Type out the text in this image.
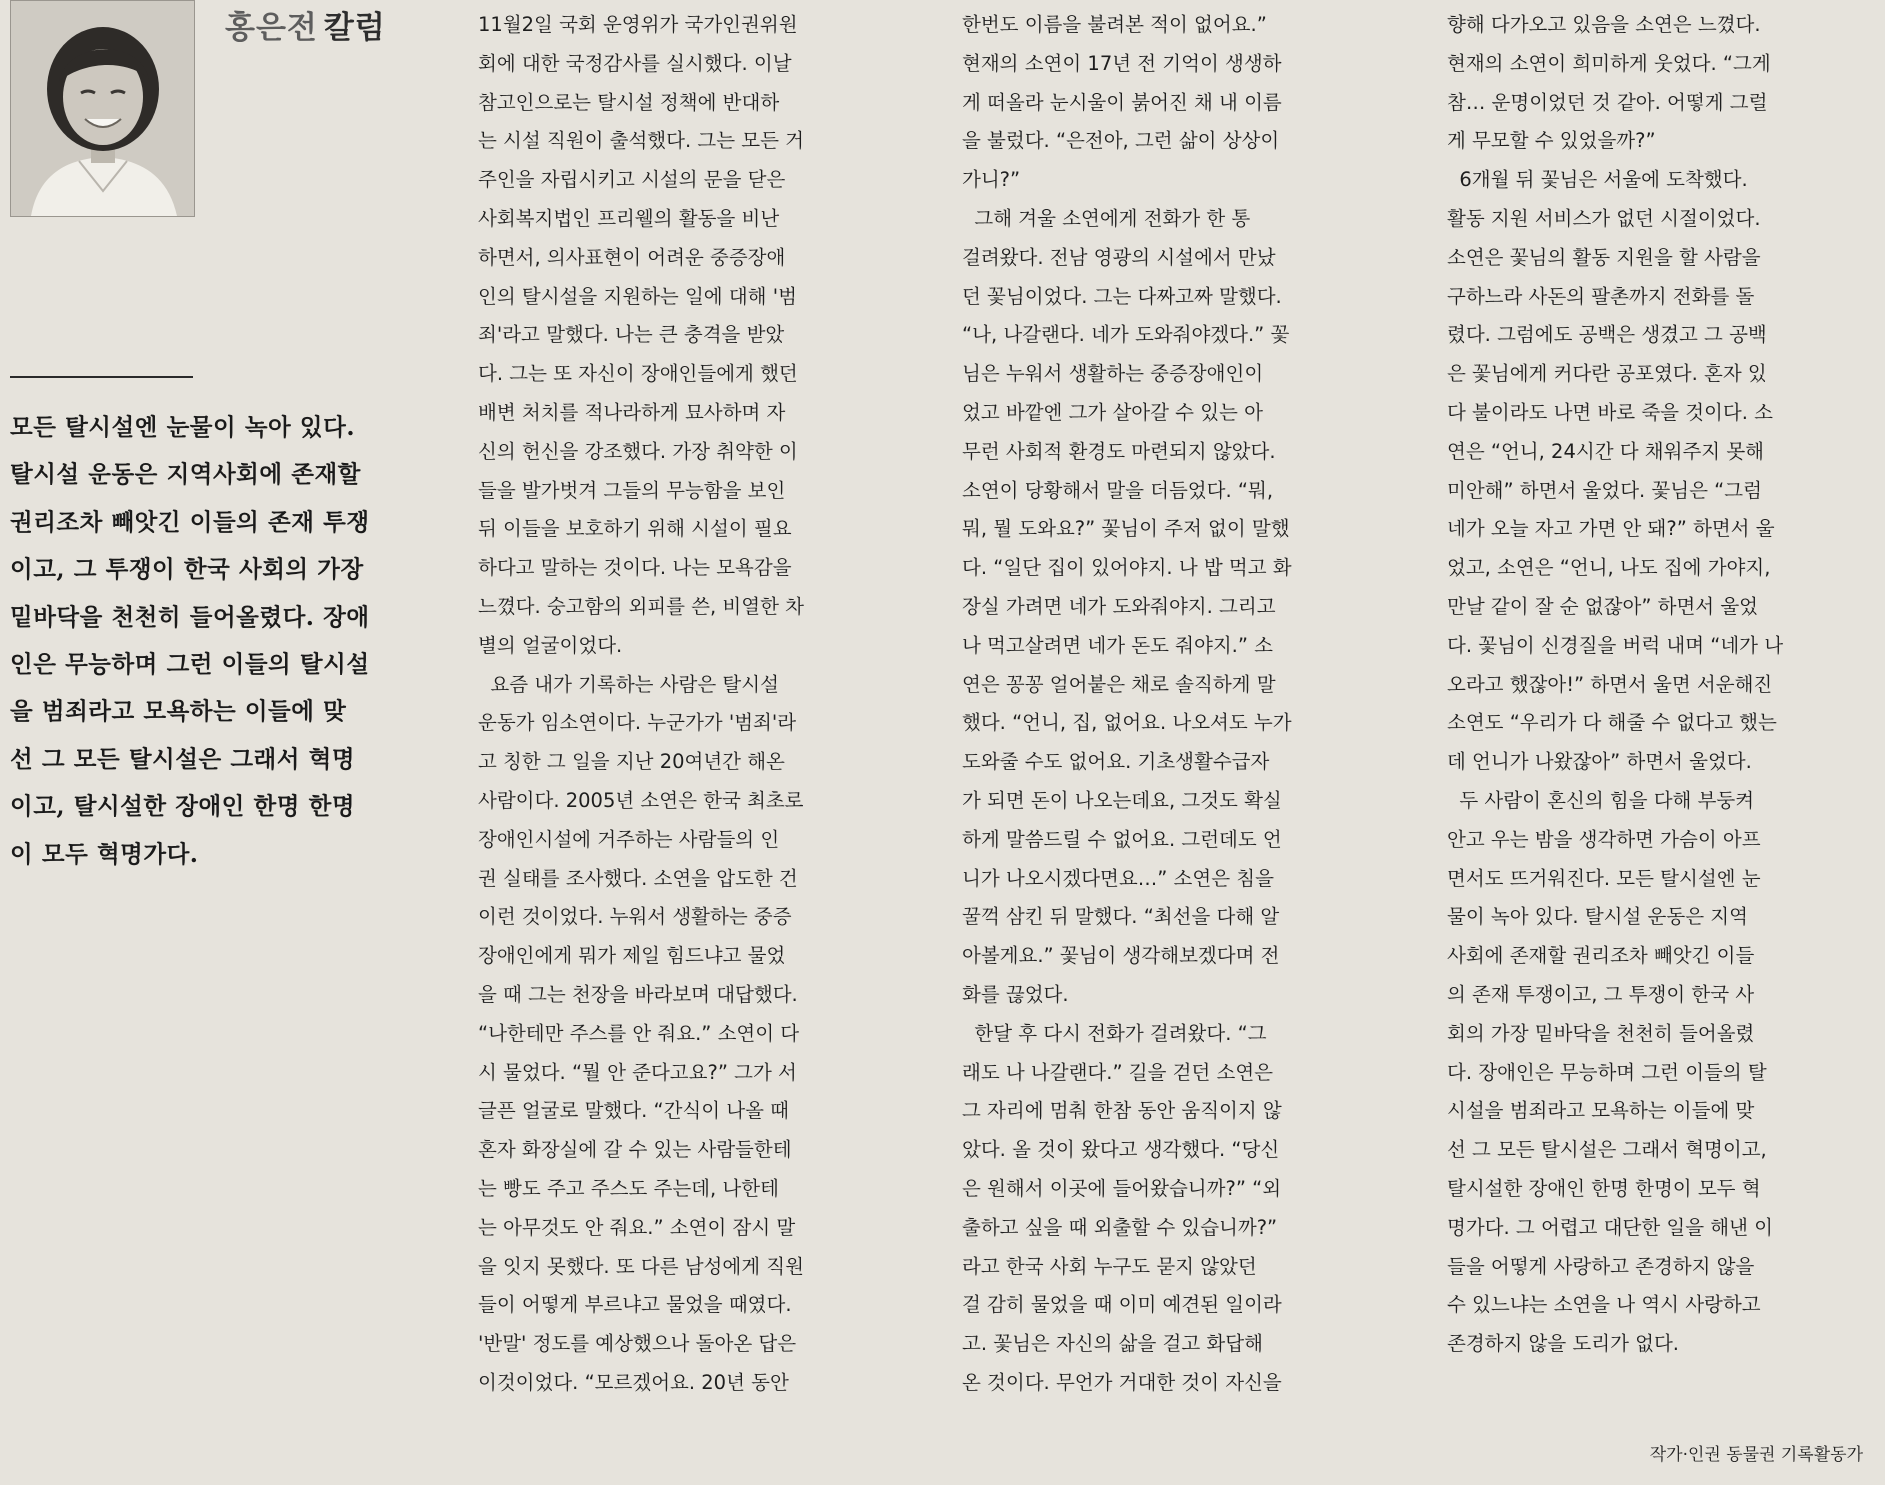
홍은전 칼럼
모든 탈시설엔 눈물이 녹아 있다.
탈시설 운동은 지역사회에 존재할
권리조차 빼앗긴 이들의 존재 투쟁
이고, 그 투쟁이 한국 사회의 가장
밑바닥을 천천히 들어올렸다. 장애
인은 무능하며 그런 이들의 탈시설
을 범죄라고 모욕하는 이들에 맞
선 그 모든 탈시설은 그래서 혁명
이고, 탈시설한 장애인 한명 한명
이 모두 혁명가다.
11월2일 국회 운영위가 국가인권위원
회에 대한 국정감사를 실시했다. 이날
참고인으로는 탈시설 정책에 반대하
는 시설 직원이 출석했다. 그는 모든 거
주인을 자립시키고 시설의 문을 닫은
사회복지법인 프리웰의 활동을 비난
하면서, 의사표현이 어려운 중증장애
인의 탈시설을 지원하는 일에 대해 '범
죄'라고 말했다. 나는 큰 충격을 받았
다. 그는 또 자신이 장애인들에게 했던
배변 처치를 적나라하게 묘사하며 자
신의 헌신을 강조했다. 가장 취약한 이
들을 발가벗겨 그들의 무능함을 보인
뒤 이들을 보호하기 위해 시설이 필요
하다고 말하는 것이다. 나는 모욕감을
느꼈다. 숭고함의 외피를 쓴, 비열한 차
별의 얼굴이었다.
요즘 내가 기록하는 사람은 탈시설
운동가 임소연이다. 누군가가 '범죄'라
고 칭한 그 일을 지난 20여년간 해온
사람이다. 2005년 소연은 한국 최초로
장애인시설에 거주하는 사람들의 인
권 실태를 조사했다. 소연을 압도한 건
이런 것이었다. 누워서 생활하는 중증
장애인에게 뭐가 제일 힘드냐고 물었
을 때 그는 천장을 바라보며 대답했다.
“나한테만 주스를 안 줘요.” 소연이 다
시 물었다. “뭘 안 준다고요?” 그가 서
글픈 얼굴로 말했다. “간식이 나올 때
혼자 화장실에 갈 수 있는 사람들한테
는 빵도 주고 주스도 주는데, 나한테
는 아무것도 안 줘요.” 소연이 잠시 말
을 잇지 못했다. 또 다른 남성에게 직원
들이 어떻게 부르냐고 물었을 때였다.
'반말' 정도를 예상했으나 돌아온 답은
이것이었다. “모르겠어요. 20년 동안
한번도 이름을 불려본 적이 없어요.”
현재의 소연이 17년 전 기억이 생생하
게 떠올라 눈시울이 붉어진 채 내 이름
을 불렀다. “은전아, 그런 삶이 상상이
가니?”
그해 겨울 소연에게 전화가 한 통
걸려왔다. 전남 영광의 시설에서 만났
던 꽃님이었다. 그는 다짜고짜 말했다.
“나, 나갈랜다. 네가 도와줘야겠다.” 꽃
님은 누워서 생활하는 중증장애인이
었고 바깥엔 그가 살아갈 수 있는 아
무런 사회적 환경도 마련되지 않았다.
소연이 당황해서 말을 더듬었다. “뭐,
뭐, 뭘 도와요?” 꽃님이 주저 없이 말했
다. “일단 집이 있어야지. 나 밥 먹고 화
장실 가려면 네가 도와줘야지. 그리고
나 먹고살려면 네가 돈도 줘야지.” 소
연은 꽁꽁 얼어붙은 채로 솔직하게 말
했다. “언니, 집, 없어요. 나오셔도 누가
도와줄 수도 없어요. 기초생활수급자
가 되면 돈이 나오는데요, 그것도 확실
하게 말씀드릴 수 없어요. 그런데도 언
니가 나오시겠다면요…” 소연은 침을
꿀꺽 삼킨 뒤 말했다. “최선을 다해 알
아볼게요.” 꽃님이 생각해보겠다며 전
화를 끊었다.
한달 후 다시 전화가 걸려왔다. “그
래도 나 나갈랜다.” 길을 걷던 소연은
그 자리에 멈춰 한참 동안 움직이지 않
았다. 올 것이 왔다고 생각했다. “당신
은 원해서 이곳에 들어왔습니까?” “외
출하고 싶을 때 외출할 수 있습니까?”
라고 한국 사회 누구도 묻지 않았던
걸 감히 물었을 때 이미 예견된 일이라
고. 꽃님은 자신의 삶을 걸고 화답해
온 것이다. 무언가 거대한 것이 자신을
향해 다가오고 있음을 소연은 느꼈다.
현재의 소연이 희미하게 웃었다. “그게
참… 운명이었던 것 같아. 어떻게 그럴
게 무모할 수 있었을까?”
6개월 뒤 꽃님은 서울에 도착했다.
활동 지원 서비스가 없던 시절이었다.
소연은 꽃님의 활동 지원을 할 사람을
구하느라 사돈의 팔촌까지 전화를 돌
렸다. 그럼에도 공백은 생겼고 그 공백
은 꽃님에게 커다란 공포였다. 혼자 있
다 불이라도 나면 바로 죽을 것이다. 소
연은 “언니, 24시간 다 채워주지 못해
미안해” 하면서 울었다. 꽃님은 “그럼
네가 오늘 자고 가면 안 돼?” 하면서 울
었고, 소연은 “언니, 나도 집에 가야지,
만날 같이 잘 순 없잖아” 하면서 울었
다. 꽃님이 신경질을 버럭 내며 “네가 나
오라고 했잖아!” 하면서 울면 서운해진
소연도 “우리가 다 해줄 수 없다고 했는
데 언니가 나왔잖아” 하면서 울었다.
두 사람이 혼신의 힘을 다해 부둥켜
안고 우는 밤을 생각하면 가슴이 아프
면서도 뜨거워진다. 모든 탈시설엔 눈
물이 녹아 있다. 탈시설 운동은 지역
사회에 존재할 권리조차 빼앗긴 이들
의 존재 투쟁이고, 그 투쟁이 한국 사
회의 가장 밑바닥을 천천히 들어올렸
다. 장애인은 무능하며 그런 이들의 탈
시설을 범죄라고 모욕하는 이들에 맞
선 그 모든 탈시설은 그래서 혁명이고,
탈시설한 장애인 한명 한명이 모두 혁
명가다. 그 어렵고 대단한 일을 해낸 이
들을 어떻게 사랑하고 존경하지 않을
수 있느냐는 소연을 나 역시 사랑하고
존경하지 않을 도리가 없다.
작가·인권 동물권 기록활동가
